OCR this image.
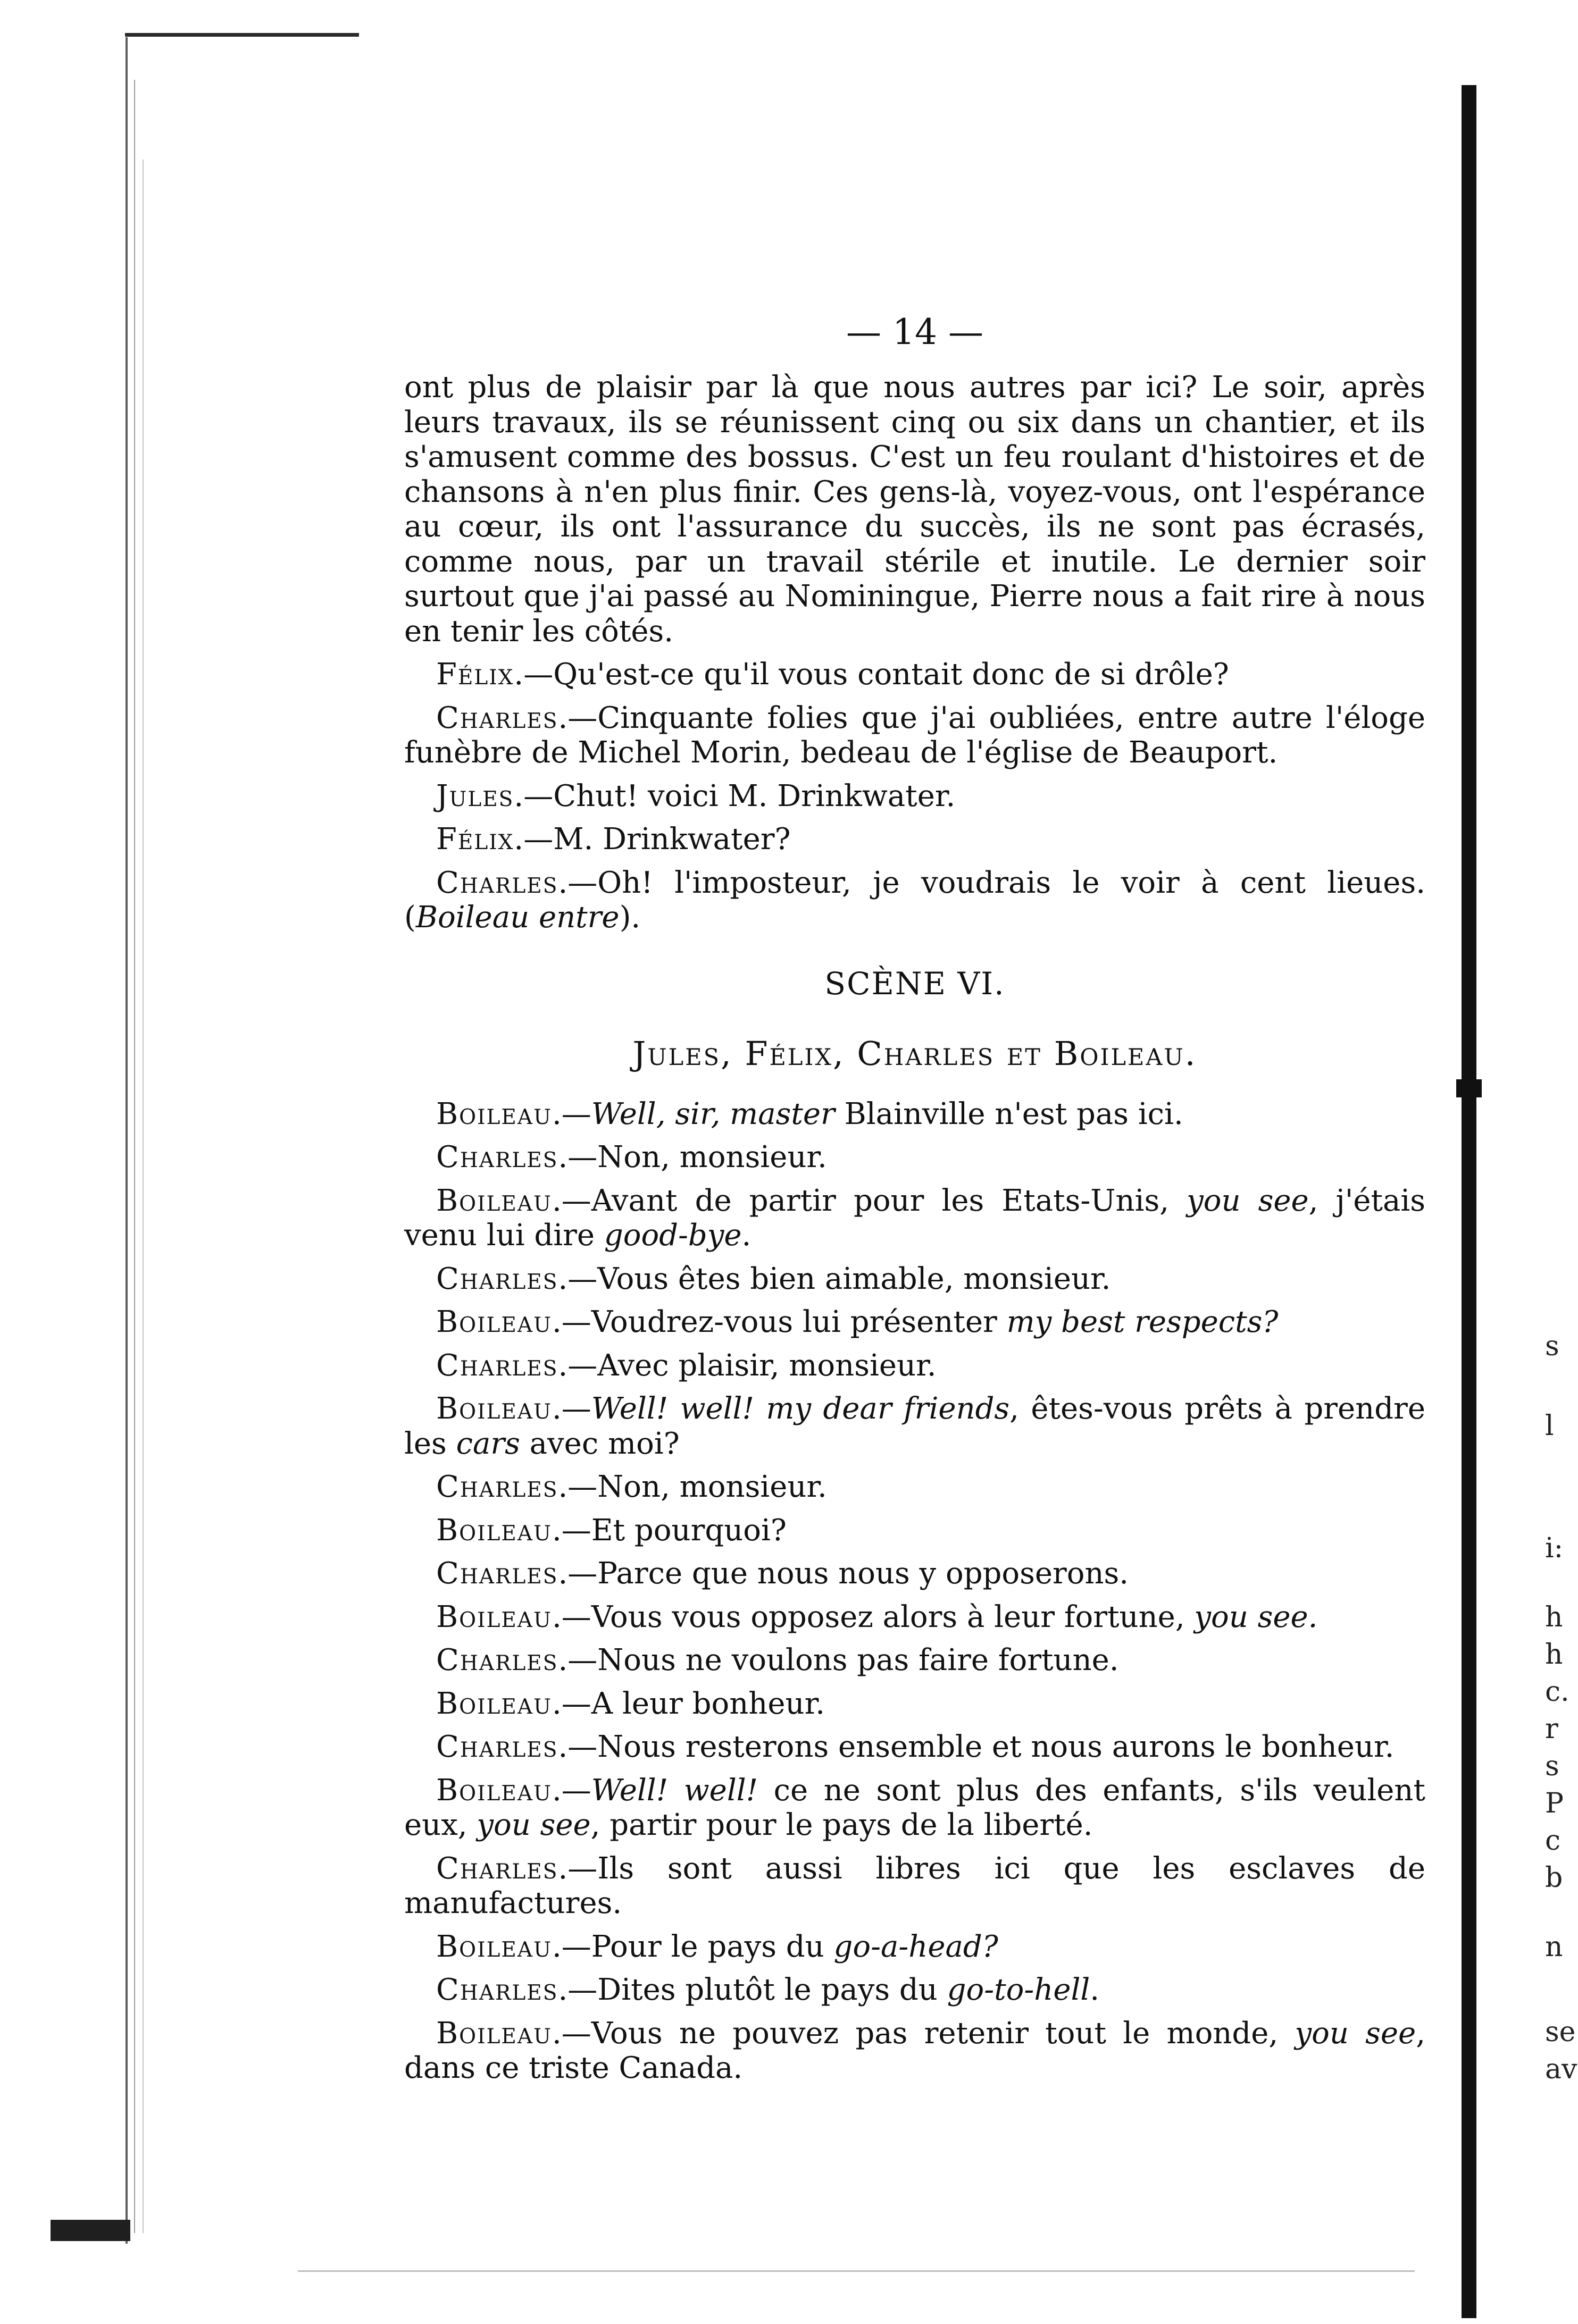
s
l
i:
h
h
c.
r
s
P
c
b
n
se
av
— 14 —

ont plus de plaisir par là que nous autres par ici? Le soir, après leurs travaux, ils se réunissent cinq ou six dans un chantier, et ils s'amusent comme des bossus. C'est un feu roulant d'histoires et de chansons à n'en plus finir. Ces gens-là, voyez-vous, ont l'espérance au cœur, ils ont l'assurance du succès, ils ne sont pas écrasés, comme nous, par un travail stérile et inutile. Le dernier soir surtout que j'ai passé au Nominingue, Pierre nous a fait rire à nous en tenir les côtés.

Félix.—Qu'est-ce qu'il vous contait donc de si drôle?

Charles.—Cinquante folies que j'ai oubliées, entre autre l'éloge funèbre de Michel Morin, bedeau de l'église de Beauport.

Jules.—Chut! voici M. Drinkwater.

Félix.—M. Drinkwater?

Charles.—Oh! l'imposteur, je voudrais le voir à cent lieues. (Boileau entre).

SCÈNE VI.
Jules, Félix, Charles et Boileau.

Boileau.—Well, sir, master Blainville n'est pas ici.

Charles.—Non, monsieur.

Boileau.—Avant de partir pour les Etats-Unis, you see, j'étais venu lui dire good-bye.

Charles.—Vous êtes bien aimable, monsieur.

Boileau.—Voudrez-vous lui présenter my best respects?

Charles.—Avec plaisir, monsieur.

Boileau.—Well! well! my dear friends, êtes-vous prêts à prendre les cars avec moi?

Charles.—Non, monsieur.

Boileau.—Et pourquoi?

Charles.—Parce que nous nous y opposerons.

Boileau.—Vous vous opposez alors à leur fortune, you see.

Charles.—Nous ne voulons pas faire fortune.

Boileau.—A leur bonheur.

Charles.—Nous resterons ensemble et nous aurons le bonheur.

Boileau.—Well! well! ce ne sont plus des enfants, s'ils veulent eux, you see, partir pour le pays de la liberté.

Charles.—Ils sont aussi libres ici que les esclaves de manufactures.

Boileau.—Pour le pays du go-a-head?

Charles.—Dites plutôt le pays du go-to-hell.

Boileau.—Vous ne pouvez pas retenir tout le monde, you see, dans ce triste Canada.
